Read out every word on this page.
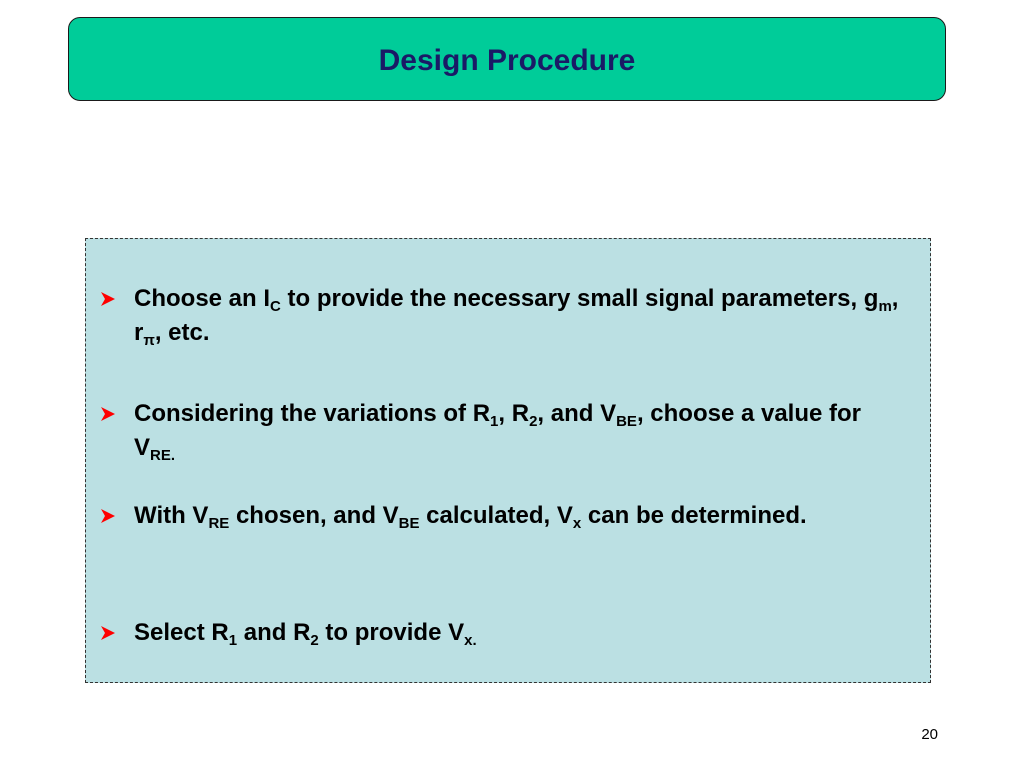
Design Procedure
Choose an $I_C$ to provide the necessary small signal parameters, $g_m$, $r_\pi$, etc.
Considering the variations of $R_1$, $R_2$, and $V_{BE}$, choose a value for $V_{RE.}$
With $V_{RE}$ chosen, and $V_{BE}$ calculated, $V_x$ can be determined.
Select $R_1$ and $R_2$ to provide $V_{x.}$
20
